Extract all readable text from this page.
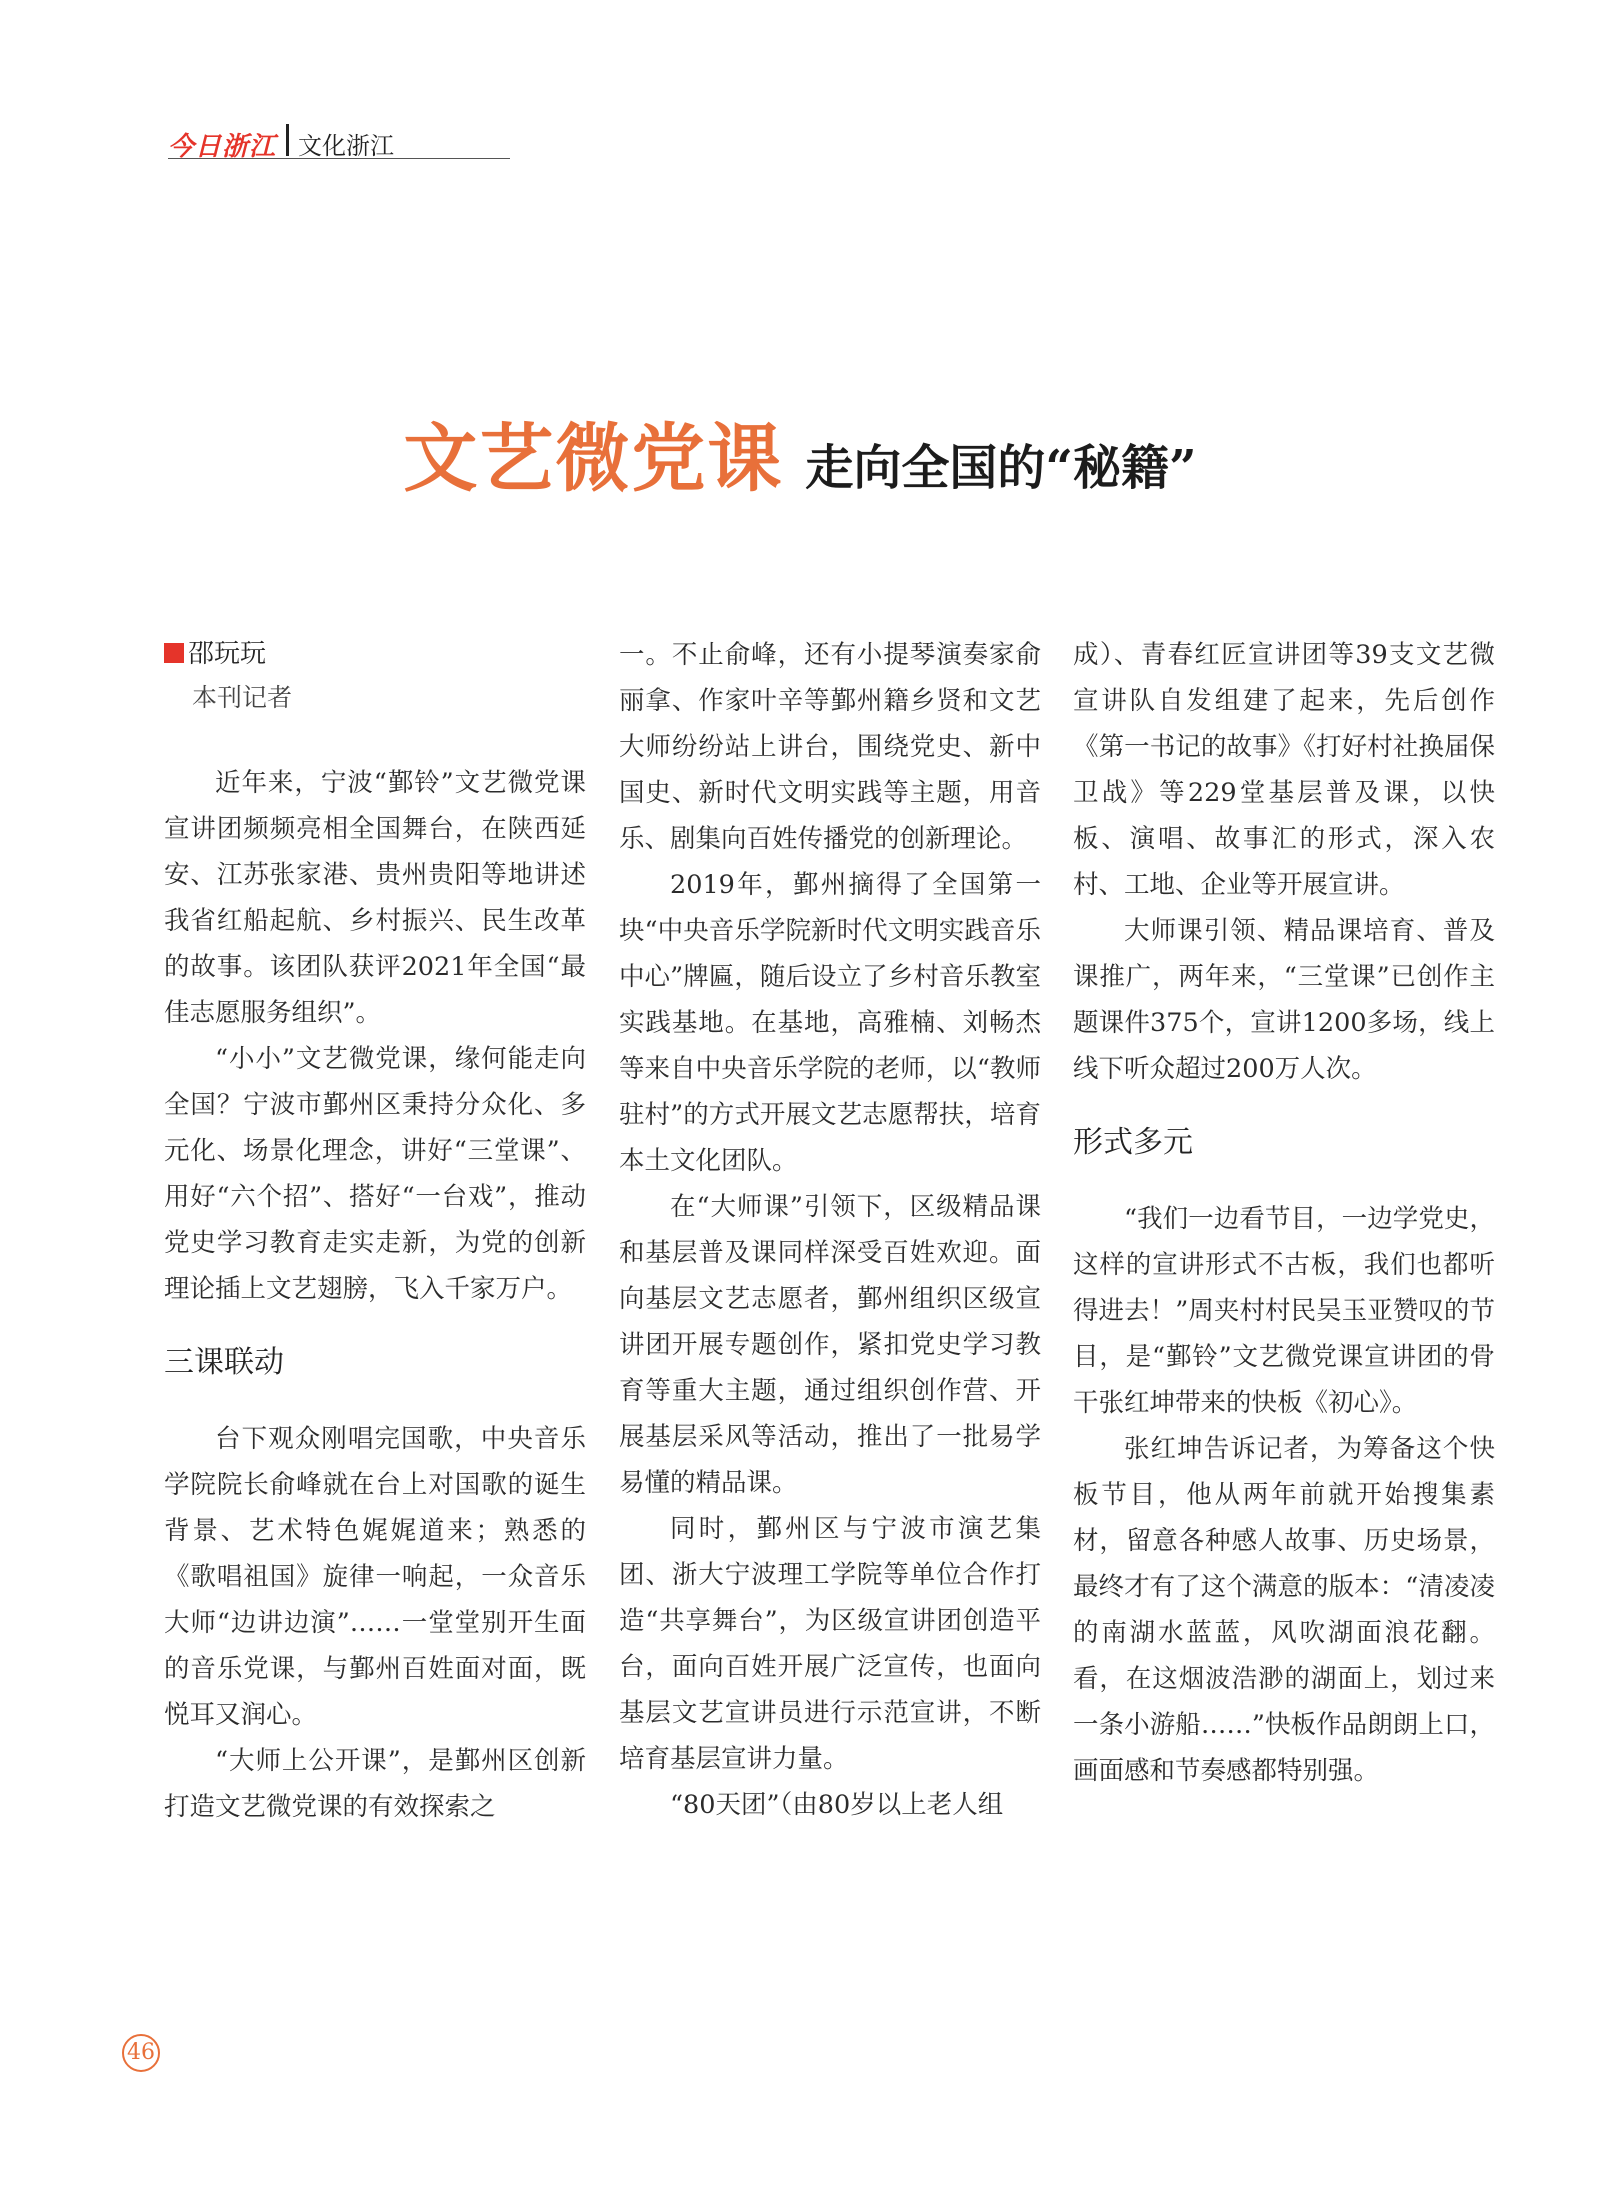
今日浙江 文化浙江
文艺微党课 走向全国的“秘籍”
邵玩玩
本刊记者

近年来，宁波“鄞铃”文艺微党课宣讲团频频亮相全国舞台，在陕西延安、江苏张家港、贵州贵阳等地讲述我省红船起航、乡村振兴、民生改革的故事。该团队获评2021年全国“最佳志愿服务组织”。

“小小”文艺微党课，缘何能走向全国？宁波市鄞州区秉持分众化、多元化、场景化理念，讲好“三堂课”、用好“六个招”、搭好“一台戏”，推动党史学习教育走实走新，为党的创新理论插上文艺翅膀，飞入千家万户。

三课联动

台下观众刚唱完国歌，中央音乐学院院长俞峰就在台上对国歌的诞生背景、艺术特色娓娓道来；熟悉的《歌唱祖国》旋律一响起，一众音乐大师“边讲边演”……一堂堂别开生面的音乐党课，与鄞州百姓面对面，既悦耳又润心。

“大师上公开课”，是鄞州区创新打造文艺微党课的有效探索之

一。不止俞峰，还有小提琴演奏家俞丽拿、作家叶辛等鄞州籍乡贤和文艺大师纷纷站上讲台，围绕党史、新中国史、新时代文明实践等主题，用音乐、剧集向百姓传播党的创新理论。

2019年，鄞州摘得了全国第一块“中央音乐学院新时代文明实践音乐中心”牌匾，随后设立了乡村音乐教室实践基地。在基地，高雅楠、刘畅杰等来自中央音乐学院的老师，以“教师驻村”的方式开展文艺志愿帮扶，培育本土文化团队。

在“大师课”引领下，区级精品课和基层普及课同样深受百姓欢迎。面向基层文艺志愿者，鄞州组织区级宣讲团开展专题创作，紧扣党史学习教育等重大主题，通过组织创作营、开展基层采风等活动，推出了一批易学易懂的精品课。

同时，鄞州区与宁波市演艺集团、浙大宁波理工学院等单位合作打造“共享舞台”，为区级宣讲团创造平台，面向百姓开展广泛宣传，也面向基层文艺宣讲员进行示范宣讲，不断培育基层宣讲力量。

“80天团”（由80岁以上老人组

成）、青春红匠宣讲团等39支文艺微宣讲队自发组建了起来，先后创作《第一书记的故事》《打好村社换届保卫战》等229堂基层普及课，以快板、演唱、故事汇的形式，深入农村、工地、企业等开展宣讲。

大师课引领、精品课培育、普及课推广，两年来，“三堂课”已创作主题课件375个，宣讲1200多场，线上线下听众超过200万人次。

形式多元

“我们一边看节目，一边学党史，这样的宣讲形式不古板，我们也都听得进去！”周夹村村民吴玉亚赞叹的节目，是“鄞铃”文艺微党课宣讲团的骨干张红坤带来的快板《初心》。

张红坤告诉记者，为筹备这个快板节目，他从两年前就开始搜集素材，留意各种感人故事、历史场景，最终才有了这个满意的版本：“清凌凌的南湖水蓝蓝，风吹湖面浪花翻。看，在这烟波浩渺的湖面上，划过来一条小游船……”快板作品朗朗上口，画面感和节奏感都特别强。

46
